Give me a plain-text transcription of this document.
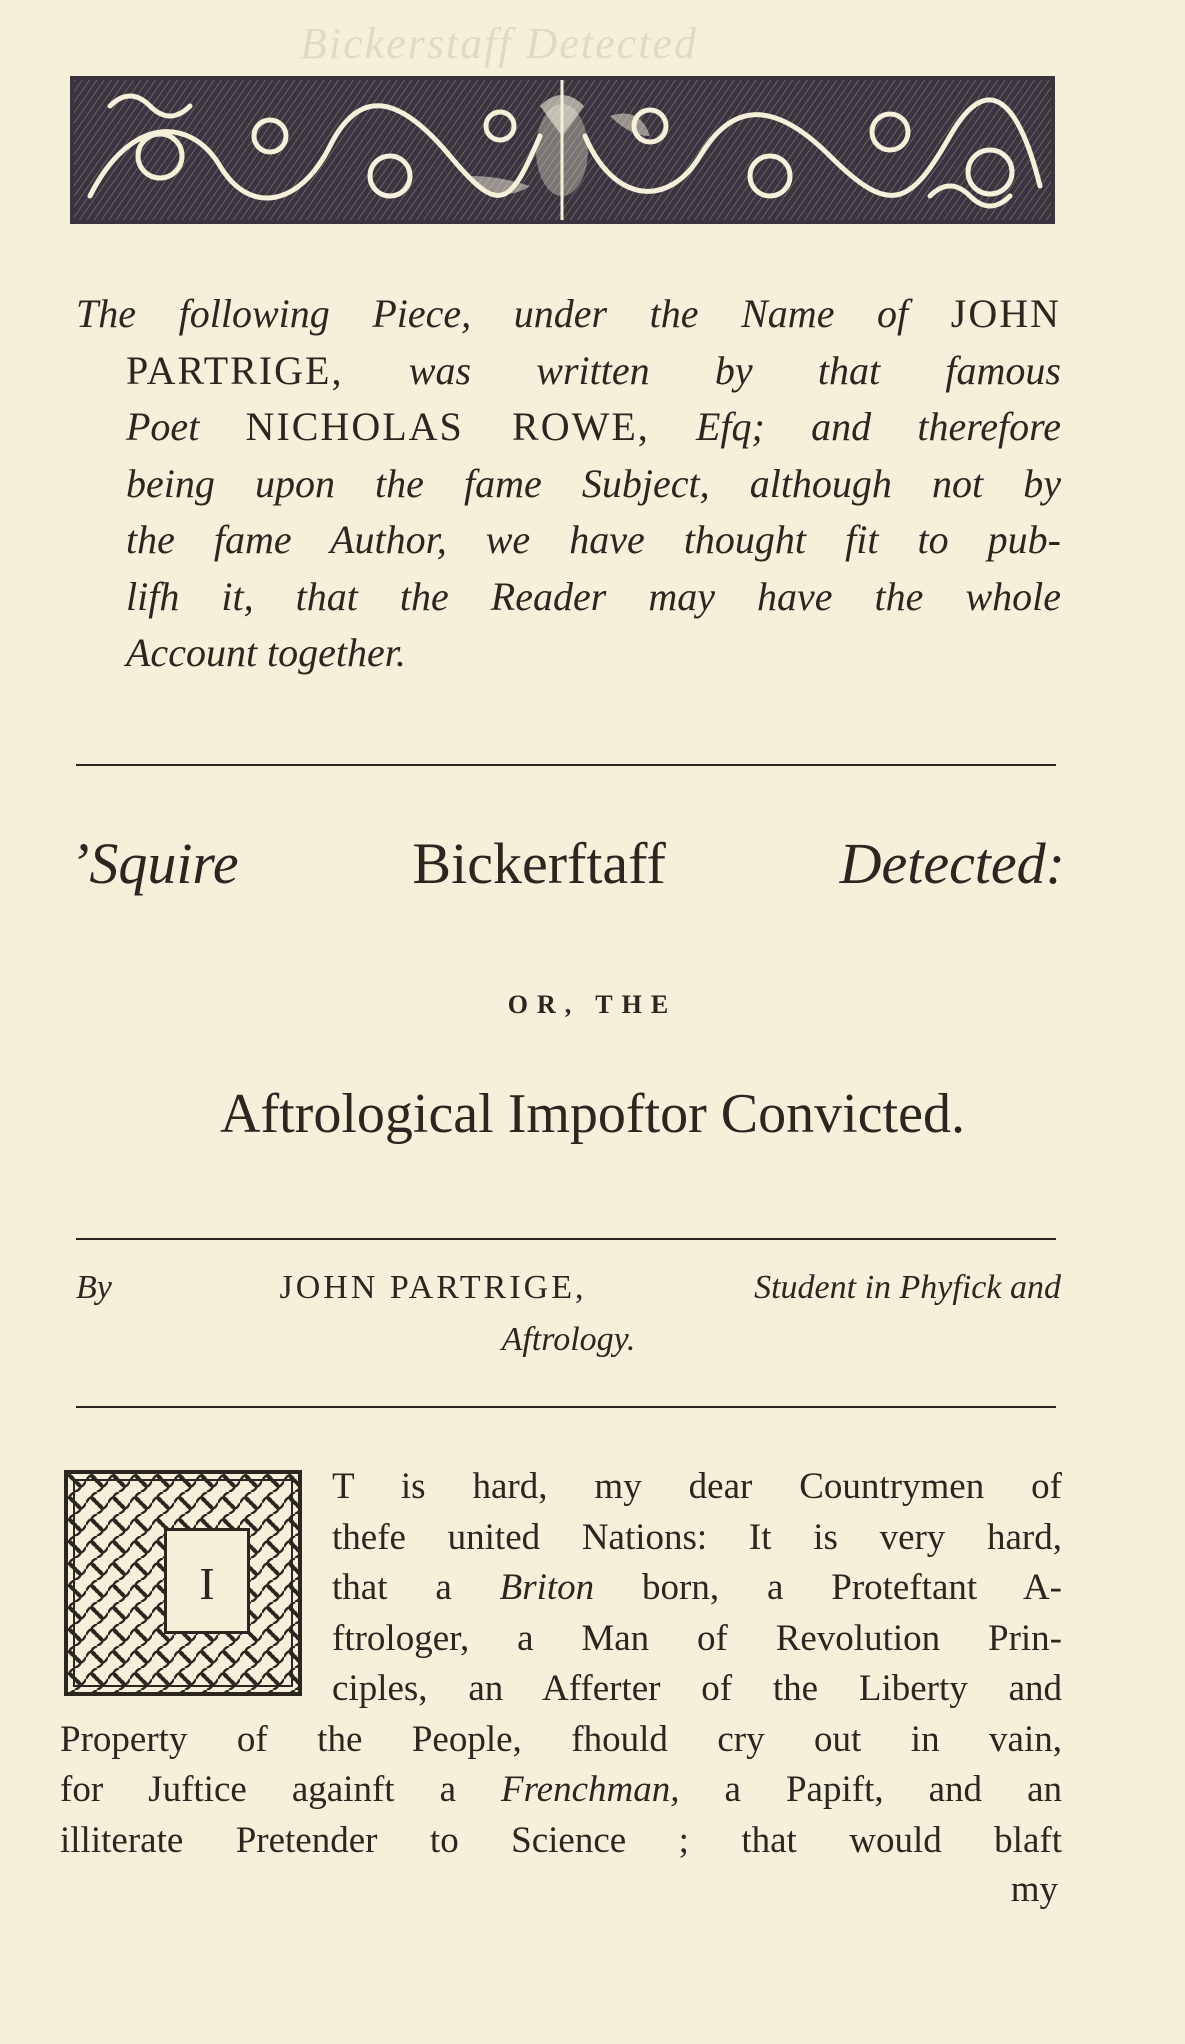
Bickerstaff Detected
The following Piece, under the Name of JOHN
PARTRIGE, was written by that famous
Poet NICHOLAS ROWE, Efq; and therefore
being upon the fame Subject, although not by
the fame Author, we have thought fit to pub-
lifh it, that the Reader may have the whole
Account together.
’Squire	Bickerftaff	Detected:
OR, THE
Aftrological Impoftor Convicted.
By	JOHN PARTRIGE,	Student in Phyfick and
Aftrology.
I
T is hard, my dear Countrymen of
thefe united Nations: It is very hard,
that a Briton born, a Proteftant A-
ftrologer, a Man of Revolution Prin-
ciples, an Afferter of the Liberty and
Property of the People, fhould cry out in vain,
for Juftice againft a Frenchman, a Papift, and an
illiterate Pretender to Science ; that would blaft
my
